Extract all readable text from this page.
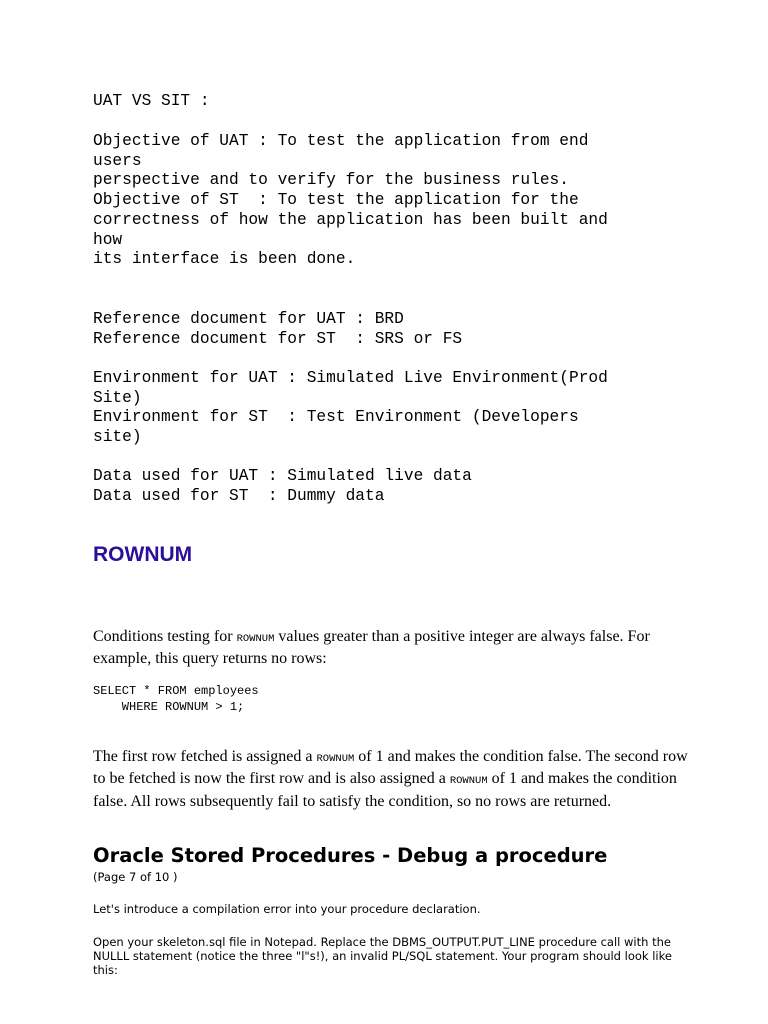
UAT VS SIT :
Objective of UAT : To test the application from end
users
perspective and to verify for the business rules.
Objective of ST  : To test the application for the
correctness of how the application has been built and
how
its interface is been done.
Reference document for UAT : BRD
Reference document for ST  : SRS or FS
Environment for UAT : Simulated Live Environment(Prod
Site)
Environment for ST  : Test Environment (Developers
site)
Data used for UAT : Simulated live data
Data used for ST  : Dummy data
ROWNUM

Conditions testing for ROWNUM values greater than a positive integer are always false. For example, this query returns no rows:

SELECT * FROM employees
WHERE ROWNUM > 1;

The first row fetched is assigned a ROWNUM of 1 and makes the condition false. The second row to be fetched is now the first row and is also assigned a ROWNUM of 1 and makes the condition false. All rows subsequently fail to satisfy the condition, so no rows are returned.

Oracle Stored Procedures - Debug a procedure

(Page 7 of 10 )

Let's introduce a compilation error into your procedure declaration.

Open your skeleton.sql file in Notepad. Replace the DBMS_OUTPUT.PUT_LINE procedure call with the NULLL statement (notice the three "l"s!), an invalid PL/SQL statement. Your program should look like this:
